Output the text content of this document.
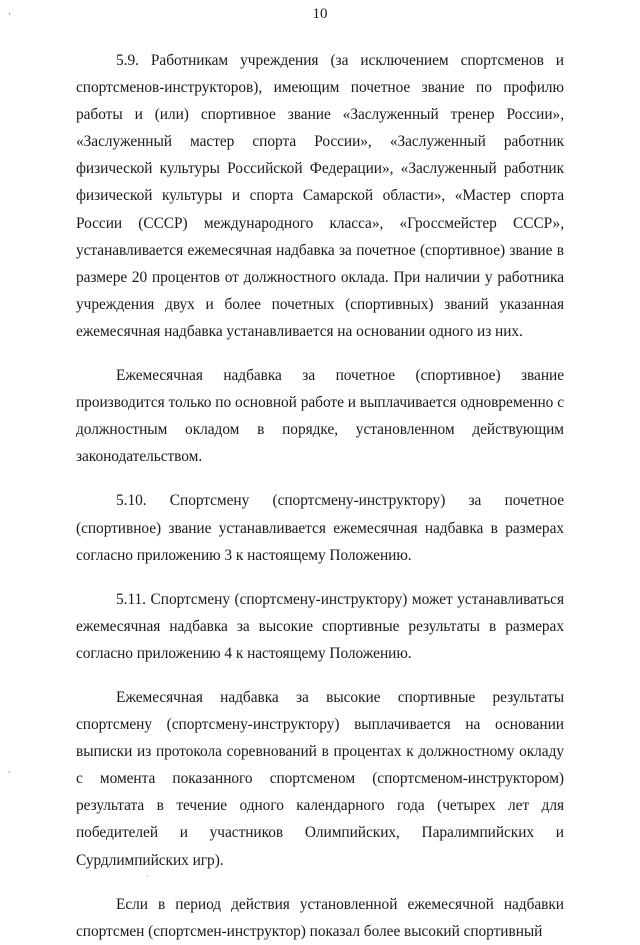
10
,
'
·

5.9. Работникам учреждения (за исключением спортсменов и спортсменов-инструкторов), имеющим почетное звание по профилю работы и (или) спортивное звание «Заслуженный тренер России», «Заслуженный мастер спорта России», «Заслуженный работник физической культуры Российской Федерации», «Заслуженный работник физической культуры и спорта Самарской области», «Мастер спорта России (СССР) международного класса», «Гроссмейстер СССР», устанавливается ежемесячная надбавка за почетное (спортивное) звание в размере 20 процентов от должностного оклада. При наличии у работника учреждения двух и более почетных (спортивных) званий указанная ежемесячная надбавка устанавливается на основании одного из них.

Ежемесячная надбавка за почетное (спортивное) звание производится только по основной работе и выплачивается одновременно с должностным окладом в порядке, установленном действующим законодательством.

5.10. Спортсмену (спортсмену-инструктору) за почетное (спортивное) звание устанавливается ежемесячная надбавка в размерах согласно приложению 3 к настоящему Положению.

5.11. Спортсмену (спортсмену-инструктору) может устанавливаться ежемесячная надбавка за высокие спортивные результаты в размерах согласно приложению 4 к настоящему Положению.

Ежемесячная надбавка за высокие спортивные результаты спортсмену (спортсмену-инструктору) выплачивается на основании выписки из протокола соревнований в процентах к должностному окладу с момента показанного спортсменом (спортсменом-инструктором) результата в течение одного календарного года (четырех лет для победителей и участников Олимпийских, Паралимпийских и Сурдлимпийских игр).

Если в период действия установленной ежемесячной надбавки спортсмен (спортсмен-инструктор) показал более высокий спортивный
